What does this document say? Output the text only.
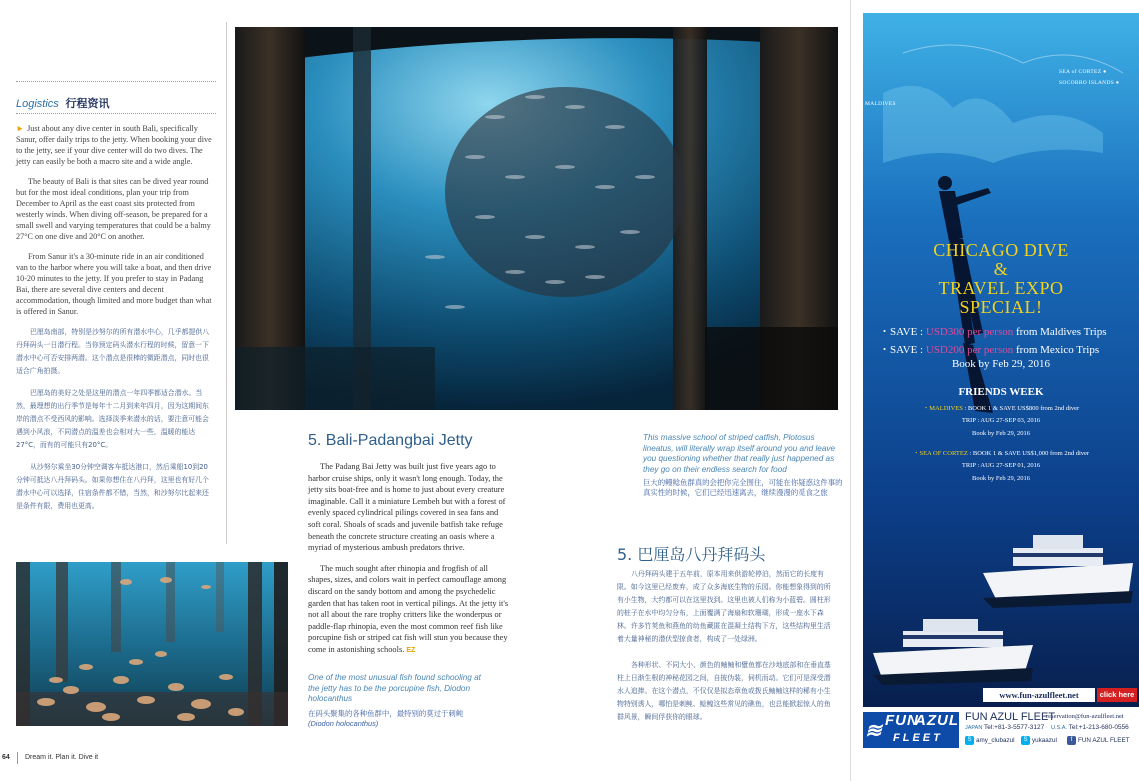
Logistics 行程资讯

► Just about any dive center in south Bali, specifically Sanur, offer daily trips to the jetty. When booking your dive to the jetty, see if your dive center will do two dives. The jetty can easily be both a macro site and a wide angle.

The beauty of Bali is that sites can be dived year round but for the most ideal conditions, plan your trip from December to April as the east coast sits protected from westerly winds. When diving off-season, be prepared for a small swell and varying temperatures that could be a balmy 27°C on one dive and 20°C on another.

From Sanur it's a 30-minute ride in an air conditioned van to the harbor where you will take a boat, and then drive 10-20 minutes to the jetty. If you prefer to stay in Padang Bai, there are several dive centers and decent accommodation, though limited and more budget than what is offered in Sanur.

巴厘岛南部，特别是沙努尔的所有潜水中心，几乎都提供八丹拜码头一日潜行程。当你预定码头潜水行程的时候，留意一下潜水中心可否安排两潜。这个潜点是很棒的微距潜点，同时也很适合广角拍摄。

巴厘岛的美好之处是这里的潜点一年四季都适合潜水。当然，最理想的出行季节是每年十二月到来年四月，因为这期间东岸的潜点不受西风的影响。选择淡季来潜水的话，要注意可能会遇到小风浪，不同潜点的温差也会相对大一些，温暖的能达27°C，而有的可能只有20°C。

从沙努尔乘坐30分钟空调客车抵达港口，然后乘船10到20分钟可抵达八丹拜码头。如果你想住在八丹拜，这里也有好几个潜水中心可以选择，住宿条件都不错，当然，和沙努尔比起来还是条件有限，费用也更高。

5. Bali-Padangbai Jetty

The Padang Bai Jetty was built just five years ago to harbor cruise ships, only it wasn't long enough. Today, the jetty sits boat-free and is home to just about every creature imaginable. Call it a miniature Lembeh but with a forest of evenly spaced cylindrical pilings covered in sea fans and soft coral. Shoals of scads and juvenile batfish take refuge beneath the concrete structure creating an oasis where a myriad of mysterious ambush predators thrive.

The much sought after rhinopia and frogfish of all shapes, sizes, and colors wait in perfect camouflage among discard on the sandy bottom and among the psychedelic garden that has taken root in vertical pilings. At the jetty it's not all about the rare trophy critters like the wonderpus or paddle-flap rhinopia, even the most common reef fish like porcupine fish or striped cat fish will stun you because they come in astonishing schools. EZ

This massive school of striped catfish, Plotosus lineatus, will literally wrap itself around you and leave you questioning whether that really just happened as they go on their endless search for food
巨大的鳗鲶鱼群真的会把你完全围住，可能在你疑惑这件事的真实性的时候，它们已经迅速离去，继续漫漫的觅食之旅
5. 巴厘岛八丹拜码头

八丹拜码头建于五年前，原本用来供游轮停泊，然而它的长度有限。如今这里已经废弃，成了众多海底生物的乐园。你能想象得到的所有小生物，大约都可以在这里找到。这里也被人们称为小蓝碧。圆柱形的桩子在水中均匀分布，上面覆满了海扇和软珊瑚，形成一座水下森林。许多竹荚鱼和燕鱼的幼鱼藏匿在混凝土结构下方，这些结构里生活着大量神秘的潜伏型掠食者，构成了一处绿洲。

各种形状、不同大小、颜色的鲉鲉和躄鱼都在沙地底部和在垂直基柱上日渐生根的神秘花园之间，自披伪装，伺机而动。它们可是深受潜水人追捧。在这个潜点，不仅仅是拟态章鱼或拨氏鲉鲉这样的稀有小生物特别诱人，哪怕是刺鲀、鲶鳇这些常见的礁鱼，也总能掀起惊人的鱼群风景，瞬间俘获你的眼球。

One of the most unusual fish found schooling at the jetty has to be the porcupine fish, Diodon holocanthus
在码头聚集的各种鱼群中，最特别的莫过于刺鲀
(Diodon holocanthus)
64 Dream it. Plan it. Dive it
SEA of CORTEZ ●
SOCORRO ISLANDS ●
MALDIVES
CHICAGO DIVE
&
TRAVEL EXPO
SPECIAL!
・SAVE : USD300 per person from Maldives Trips
・SAVE : USD200 per person from Mexico Trips
Book by Feb 29, 2016
FRIENDS WEEK
・MALDIVES : BOOK 1 & SAVE US$800 from 2nd diver
TRIP : AUG 27-SEP 03, 2016
Book by Feb 29, 2016
・SEA OF CORTEZ : BOOK 1 & SAVE US$1,000 from 2nd diver
TRIP : AUG 27-SEP 01, 2016
Book by Feb 29, 2016
www.fun-azulfleet.net	click here
≋ FUN
AZUL
FLEET
FUN AZUL FLEET
reservation@fun-azulfleet.net
JAPAN Tel:+81-3-5577-3127 U.S.A. Tel:+1-213-680-0556
S amy_clubazul	S yukaazul	f FUN AZUL FLEET
